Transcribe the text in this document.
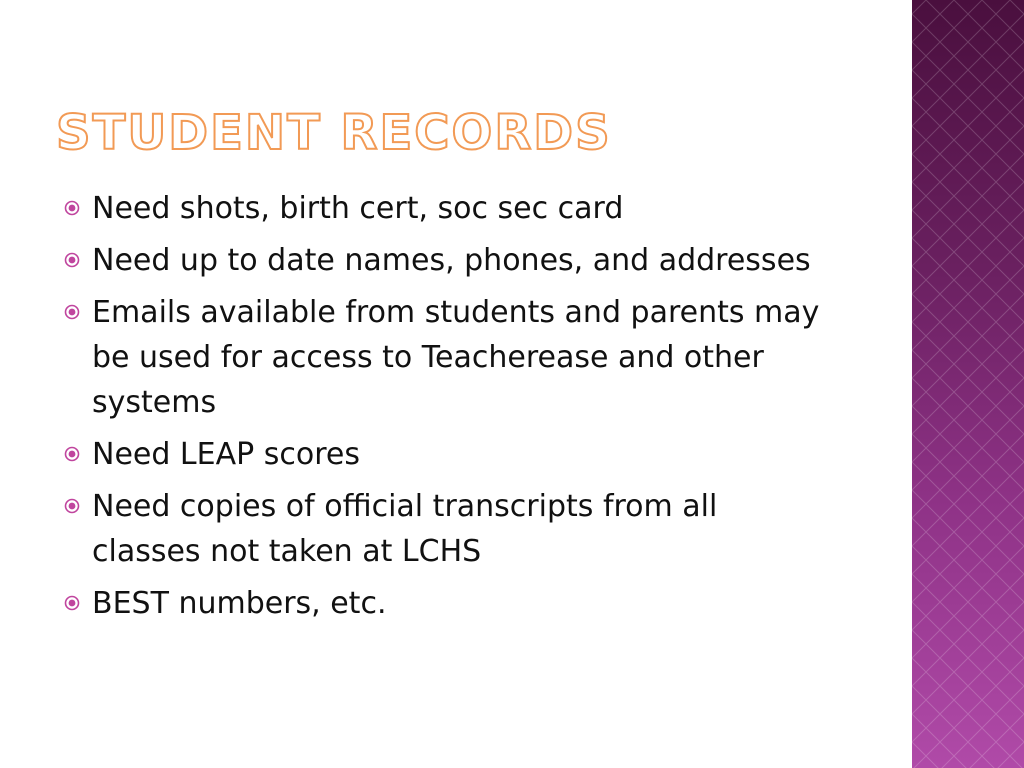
STUDENT RECORDS
Need shots, birth cert, soc sec card
Need up to date names, phones, and addresses
Emails available from students and parents may be used for access to Teacherease and other systems
Need LEAP scores
Need copies of official transcripts from all classes not taken at LCHS
BEST numbers, etc.
